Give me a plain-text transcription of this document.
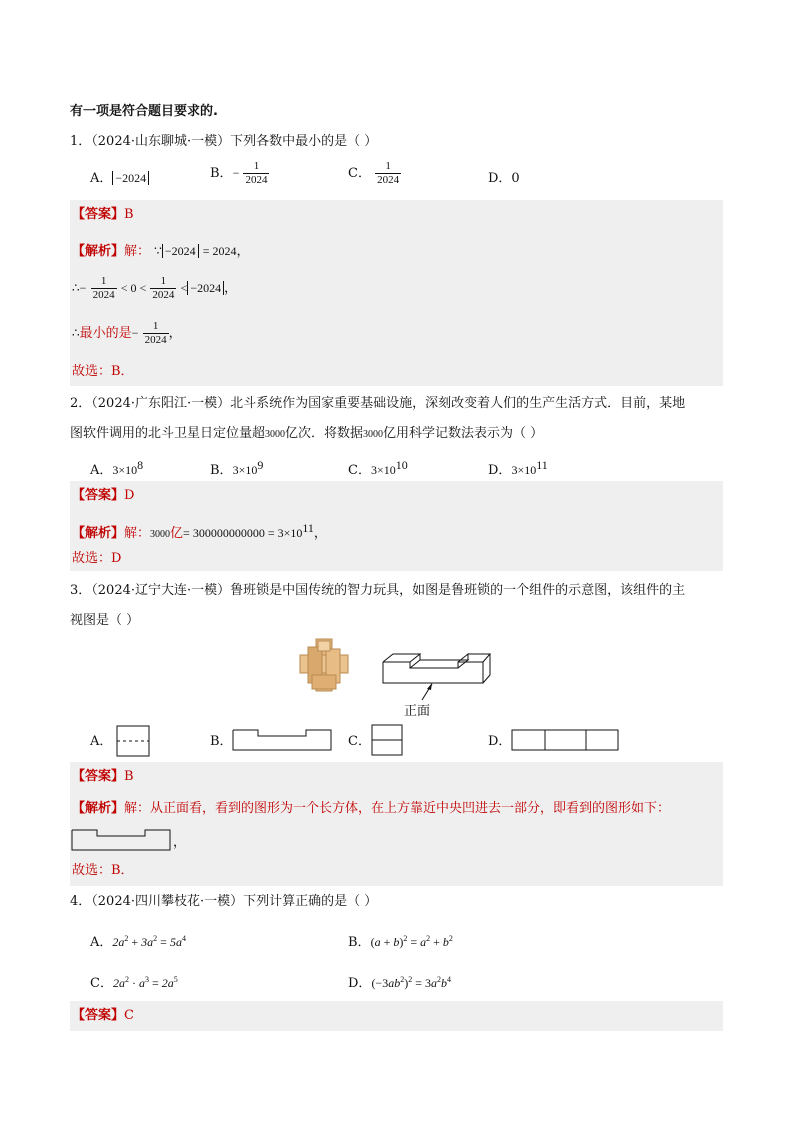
有一项是符合题目要求的.
1．（2024·山东聊城·一模）下列各数中最小的是（ ）
A． −2024	B．− $\frac{1}{2024}$	C． $\frac{1}{2024}$	D．0
【答案】B
【解析】解： ∵ −2024 = 2024，
∴− $\frac{1}{2024} < 0 < \frac{1}{2024} < -2024$ ，
∴最小的是− $\frac{1}{2024}$ ，
故选：B．
2．（2024·广东阳江·一模）北斗系统作为国家重要基础设施，深刻改变着人们的生产生活方式．目前，某地
图软件调用的北斗卫星日定位量超3000亿次．将数据3000亿用科学记数法表示为（ ）
A．$3\times 10^8$	B．$3\times 10^9$	C．$3\times 10^{10}$	D．$3\times 10^{11}$
【答案】D
【解析】解：3000亿= $300000000000 = 3\times 10^{11}$，
故选：D
3．（2024·辽宁大连·一模）鲁班锁是中国传统的智力玩具，如图是鲁班锁的一个组件的示意图，该组件的主
视图是（ ）
正面
A．	B．	C．	D．
【答案】B
【解析】解：从正面看，看到的图形为一个长方体，在上方靠近中央凹进去一部分，即看到的图形如下：
，
故选：B．
4．（2024·四川攀枝花·一模）下列计算正确的是（ ）
A．$2a^2 + 3a^2 = 5a^4$	B．$(a + b)^2 = a^2 + b^2$
C．$2a^2 \cdot a^3 = 2a^5$	D．$(-3ab^2)^2 = 3a^2b^4$
【答案】C
